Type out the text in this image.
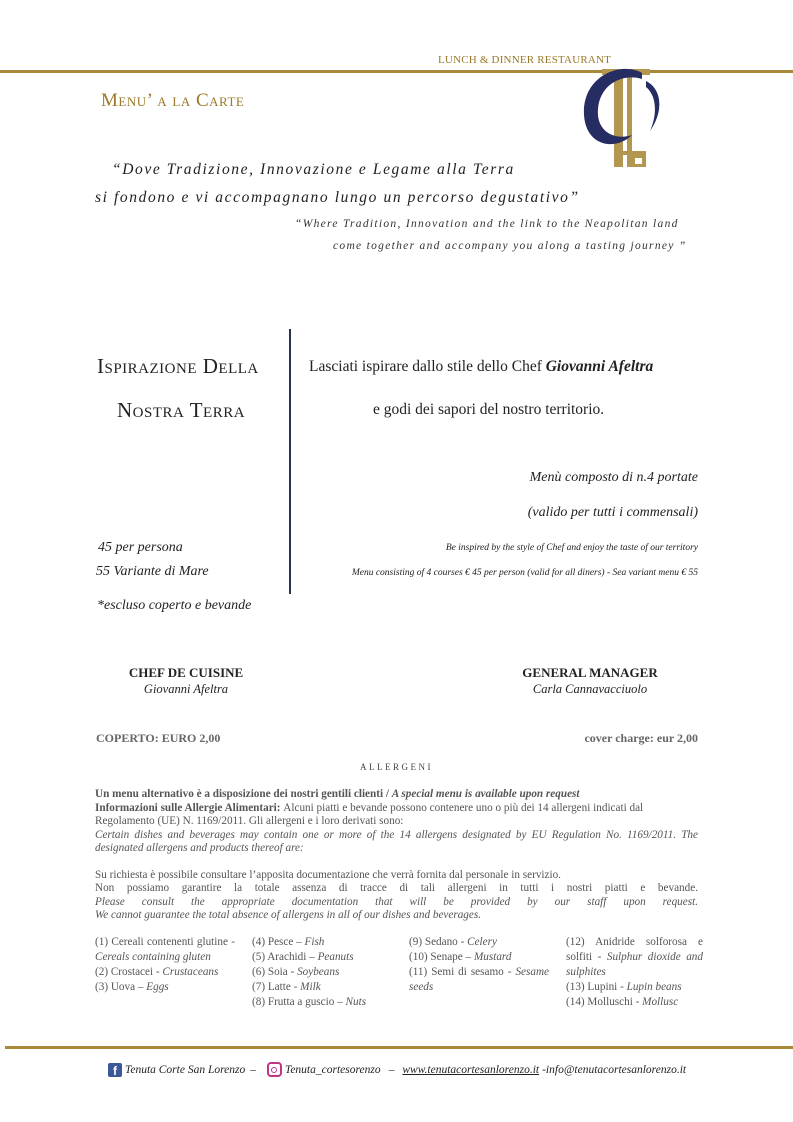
LUNCH & DINNER RESTAURANT
Menu’ a la Carte
“Dove Tradizione, Innovazione e Legame alla Terra
si fondono e vi accompagnano lungo un percorso degustativo”
“Where Tradition, Innovation and the link to the Neapolitan land
come together and accompany you along a tasting journey ”
Ispirazione Della
Nostra Terra
Lasciati ispirare dallo stile dello Chef Giovanni Afeltra
e godi dei sapori del nostro territorio.
Menù composto di n.4 portate
(valido per tutti i commensali)
Be inspired by the style of Chef and enjoy the taste of our territory
Menu consisting of 4 courses € 45 per person (valid for all diners) - Sea variant menu € 55
45 per persona
55 Variante di Mare
*escluso coperto e bevande
CHEF DE CUISINE
Giovanni Afeltra
GENERAL MANAGER
Carla Cannavacciuolo
COPERTO: EURO 2,00	cover charge: eur 2,00
ALLERGENI

Un menu alternativo è a disposizione dei nostri gentili clienti / A special menu is available upon request

Informazioni sulle Allergie Alimentari: Alcuni piatti e bevande possono contenere uno o più dei 14 allergeni indicati dal Regolamento (UE) N. 1169/2011. Gli allergeni e i loro derivati sono:

Certain dishes and beverages may contain one or more of the 14 allergens designated by EU Regulation No. 1169/2011. The designated allergens and products thereof are:

Su richiesta è possibile consultare l’apposita documentazione che verrà fornita dal personale in servizio.

Non possiamo garantire la totale assenza di tracce di tali allergeni in tutti i nostri piatti e bevande.

Please consult the appropriate documentation that will be provided by our staff upon request.

We cannot guarantee the total absence of allergens in all of our dishes and beverages.

(1) Cereali contenenti glutine - Cereals containing gluten
(2) Crostacei - Crustaceans
(3) Uova – Eggs
(4) Pesce – Fish
(5) Arachidi – Peanuts
(6) Soia - Soybeans
(7) Latte - Milk
(8) Frutta a guscio – Nuts
(9) Sedano - Celery
(10) Senape – Mustard
(11) Semi di sesamo - Sesame seeds
(12) Anidride solforosa e solfiti - Sulphur dioxide and sulphites
(13) Lupini - Lupin beans
(14) Molluschi - Mollusc
f Tenuta Corte San Lorenzo –	Tenuta_cortesorenzo – www.tenutacortesanlorenzo.it -info@tenutacortesanlorenzo.it
